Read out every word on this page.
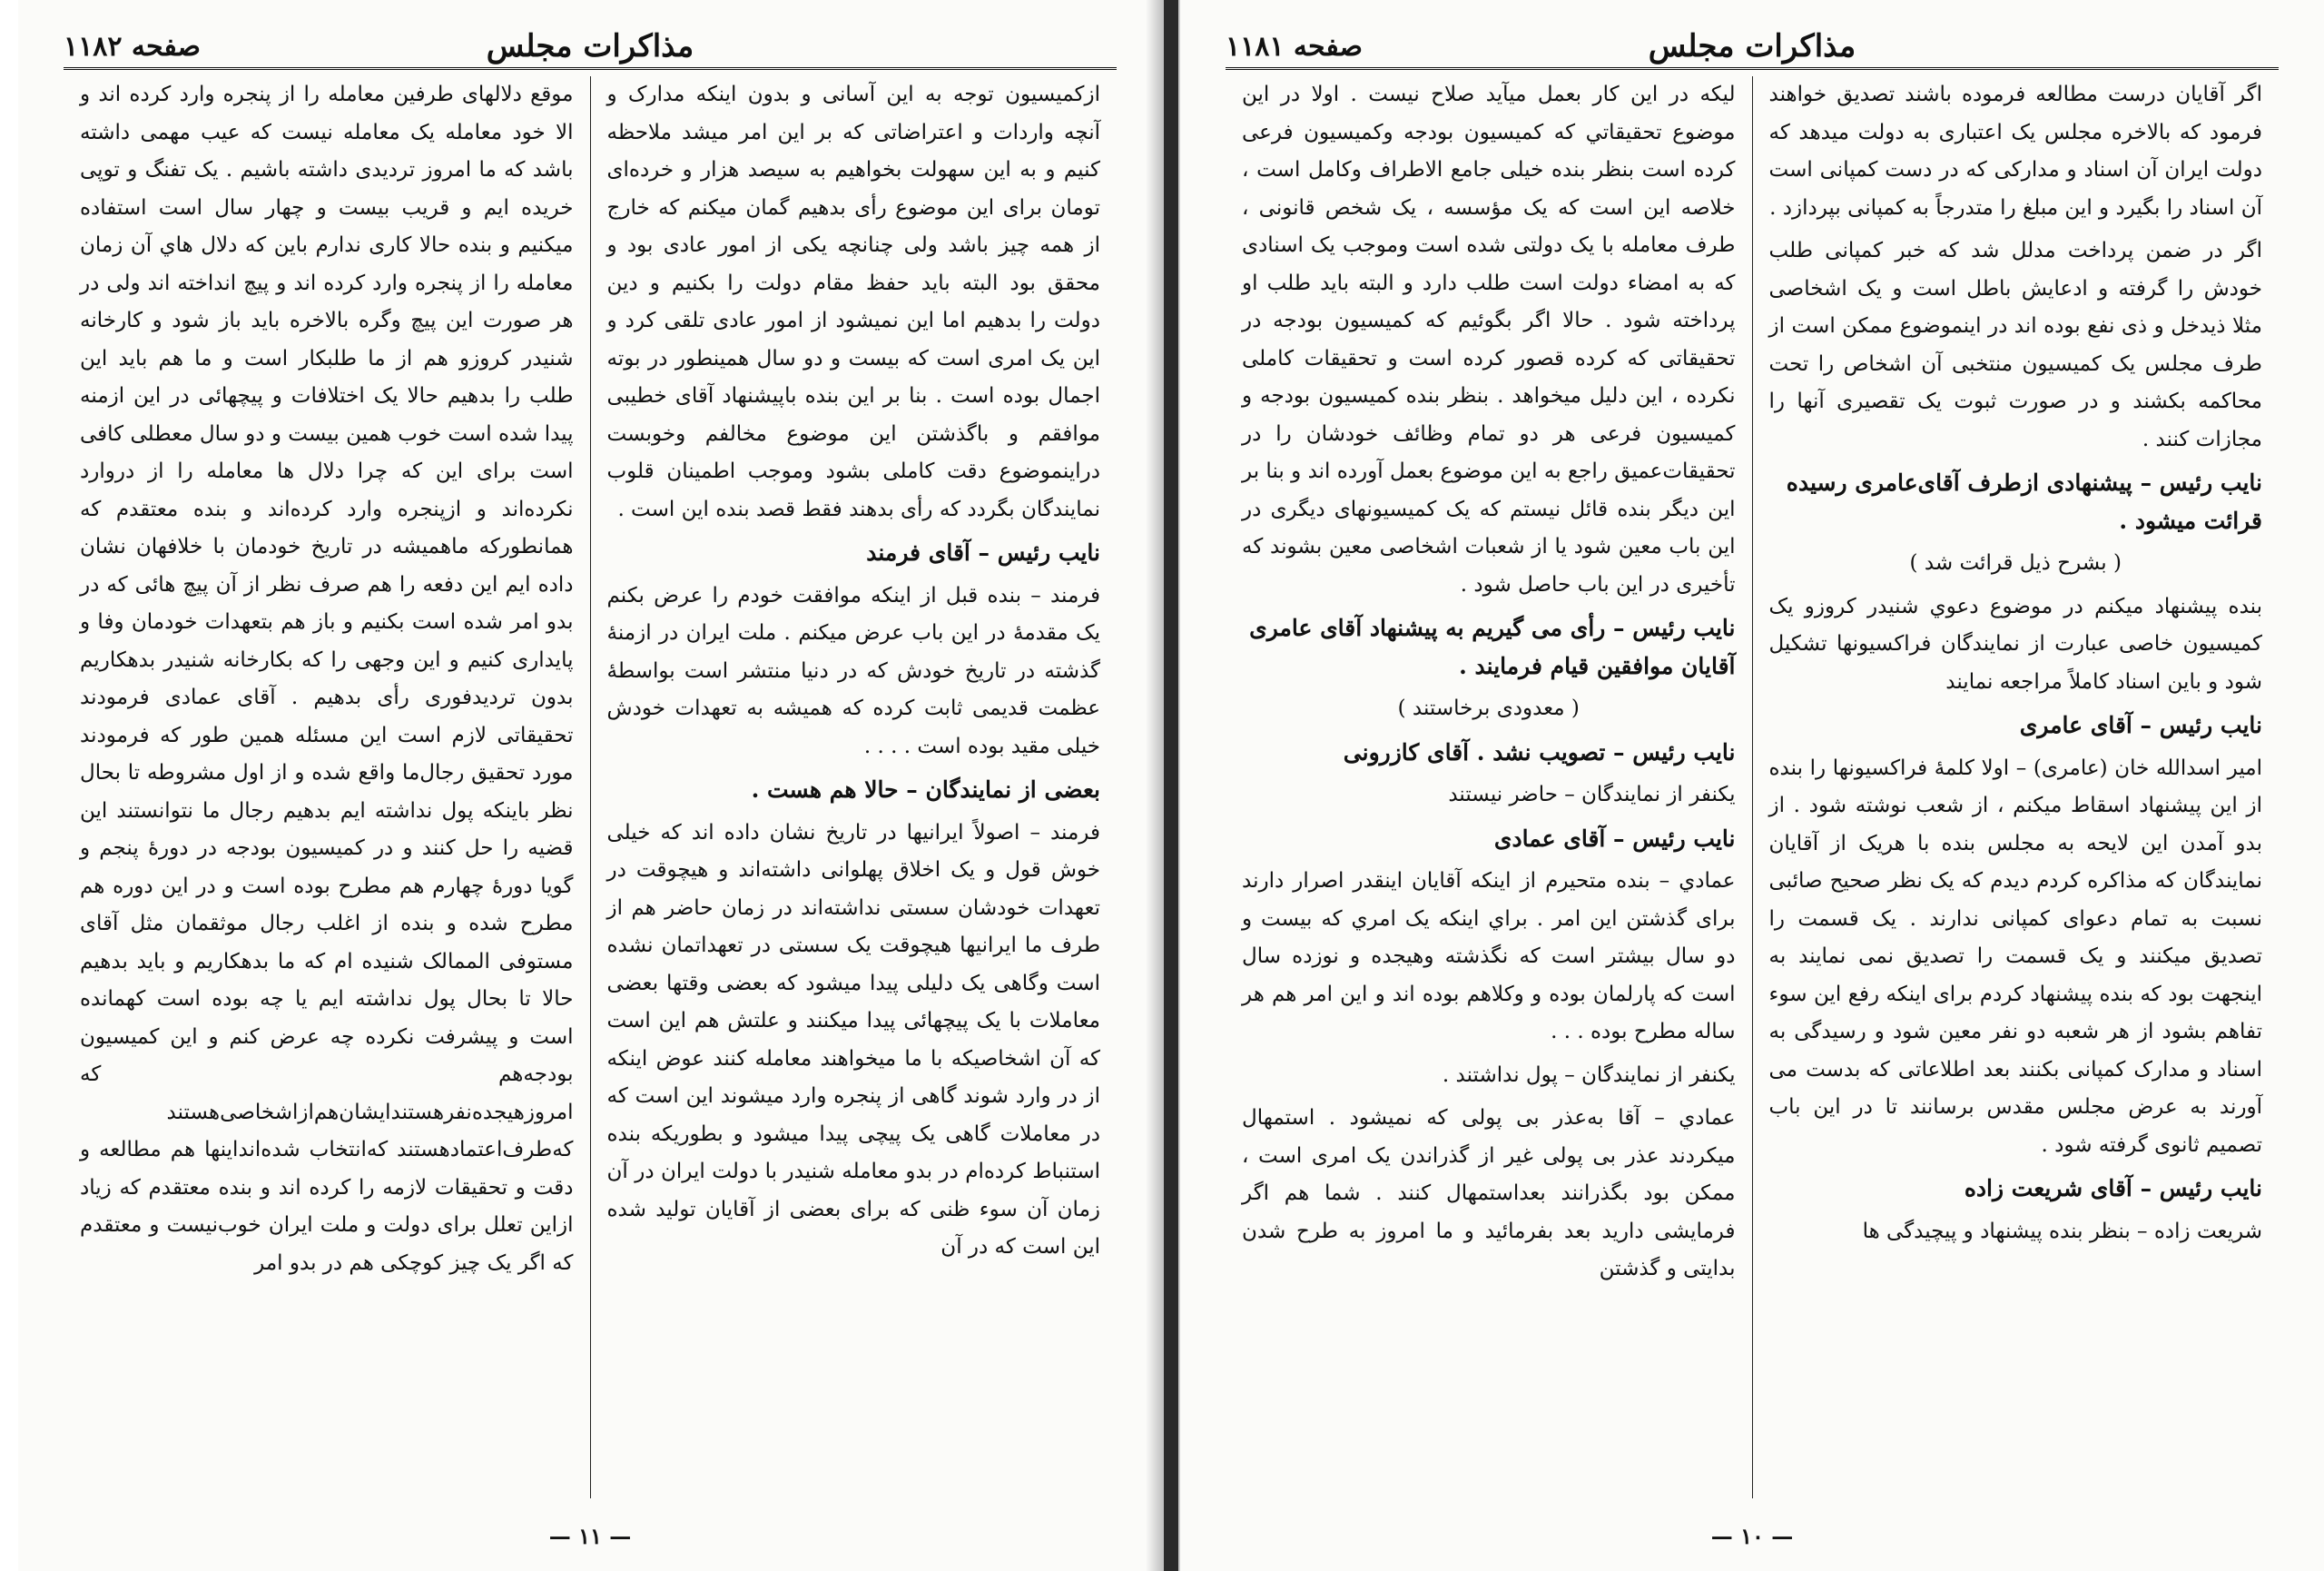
مذاکرات مجلس
صفحه ۱۱۸۲

ازکمیسیون توجه به این آسانی و بدون اینکه مدارک و آنچه واردات و اعتراضاتی که بر این امر میشد ملاحظه کنیم و به این سهولت بخواهیم به سیصد هزار و خرده‌ای تومان برای این موضوع رأی بدهیم گمان میکنم که خارج از همه چیز باشد ولی چنانچه یکی از امور عادی بود و محقق بود البته باید حفظ مقام دولت را بکنیم و دین دولت را بدهیم اما این نمیشود از امور عادی تلقی کرد و این یک امری است که بیست و دو سال همینطور در بوته اجمال بوده است . بنا بر این بنده باپیشنهاد آقای خطیبی موافقم و باگذشتن این موضوع مخالفم وخوبست دراینموضوع دقت کاملی بشود وموجب اطمینان قلوب نمایندگان بگردد که رأی بدهند فقط قصد بنده این است .

نایب رئیس – آقای فرمند

فرمند – بنده قبل از اینکه موافقت خودم را عرض بکنم یک مقدمهٔ در این باب عرض میکنم . ملت ایران در ازمنهٔ گذشته در تاریخ خودش که در دنیا منتشر است بواسطهٔ عظمت قدیمی ثابت کرده که همیشه به تعهدات خودش خیلی مقید بوده است . . . .

بعضی از نمایندگان – حالا هم هست .

فرمند – اصولاً ایرانیها در تاریخ نشان داده اند که خیلی خوش قول و یک اخلاق پهلوانی داشته‌اند و هیچوقت در تعهدات خودشان سستی نداشته‌اند در زمان حاضر هم از طرف ما ایرانیها هیچوقت یک سستی در تعهداتمان نشده است وگاهی یک دلیلی پیدا میشود که بعضی وقتها بعضی معاملات با یک پیچهائی پیدا میکنند و علتش هم این است که آن اشخاصیکه با ما میخواهند معامله کنند عوض اینکه از در وارد شوند گاهی از پنجره وارد میشوند این است که در معاملات گاهی یک پیچی پیدا میشود و بطوریکه بنده استنباط کرده‌ام در بدو معامله شنیدر با دولت ایران در آن زمان آن سوء ظنی که برای بعضی از آقایان تولید شده این است که در آن

موقع دلالهای طرفین معامله را از پنجره وارد کرده اند و الا خود معامله یک معامله نیست که عیب مهمی داشته باشد که ما امروز تردیدی داشته باشیم . یک تفنگ و توپی خریده ایم و قریب بیست و چهار سال است استفاده میکنیم و بنده حالا کاری ندارم باین که دلال هاي آن زمان معامله را از پنجره وارد کرده اند و پیچ انداخته اند ولی در هر صورت این پیچ وگره بالاخره باید باز شود و کارخانه شنیدر کروزو هم از ما طلبکار است و ما هم باید این طلب را بدهیم حالا یک اختلافات و پیچهائی در این ازمنه پیدا شده است خوب همین بیست و دو سال معطلی کافی است برای این که چرا دلال ها معامله را از دروارد نکرده‌اند و ازپنجره وارد کرده‌اند و بنده معتقدم که همانطورکه ماهمیشه در تاریخ خودمان با خلافهان نشان داده ایم این دفعه را هم صرف نظر از آن پیچ هائی که در بدو امر شده است بکنیم و باز هم بتعهدات خودمان وفا و پایداری کنیم و این وجهی را که بکارخانه شنیدر بدهکاریم بدون تردیدفوری رأی بدهیم . آقای عمادی فرمودند تحقیقاتی لازم است این مسئله همین طور که فرمودند مورد تحقیق رجال‌ما واقع شده و از اول مشروطه تا بحال نظر باینکه پول نداشته ایم بدهیم رجال ما نتوانستند این قضیه را حل کنند و در کمیسیون بودجه در دورهٔ پنجم و گویا دورهٔ چهارم هم مطرح بوده است و در این دوره هم مطرح شده و بنده از اغلب رجال موثقمان مثل آقای مستوفی الممالک شنیده ام که ما بدهکاریم و باید بدهیم حالا تا بحال پول نداشته ایم یا چه بوده است کهمانده است و پیشرفت نکرده چه عرض کنم و این کمیسیون بودجه‌هم که امروزهیجده‌نفرهستند‌ایشان‌هم‌ازاشخاصی‌هستند که‌طرف‌اعتمادهستند که‌انتخاب شده‌اند‌اینها هم مطالعه و دقت و تحقیقات لازمه را کرده اند و بنده معتقدم که زیاد ازاین تعلل برای دولت و ملت ایران خوب‌نیست و معتقدم که اگر یک چیز کوچکی هم در بدو امر

— ۱۱ —
مذاکرات مجلس
صفحه ۱۱۸۱

اگر آقایان درست مطالعه فرموده باشند تصدیق خواهند فرمود که بالاخره مجلس یک اعتباری به دولت میدهد که دولت ایران آن اسناد و مدارکی که در دست کمپانی است آن اسناد را بگیرد و این مبلغ را متدرجاً به کمپانی بپردازد .

اگر در ضمن پرداخت مدلل شد که خبر کمپانی طلب خودش را گرفته و ادعایش باطل است و یک اشخاصی مثلا ذیدخل و ذی نفع بوده اند در اینموضوع ممکن است از طرف مجلس یک کمیسیون منتخبی آن اشخاص را تحت محاکمه بکشند و در صورت ثبوت یک تقصیری آنها را مجازات کنند .

نایب رئیس – پیشنهادی ازطرف آقای‌عامری رسیده قرائت میشود .

( بشرح ذیل قرائت شد )

بنده پیشنهاد میکنم در موضوع دعوي شنیدر کروزو یک کمیسیون خاصی عبارت از نمایندگان فراکسیونها تشکیل شود و باین اسناد کاملاً مراجعه نمایند

نایب رئیس – آقای عامری

امیر اسدالله خان (عامری) – اولا کلمهٔ فراکسیونها را بنده از این پیشنهاد اسقاط میکنم ، از شعب نوشته شود . از بدو آمدن این لایحه به مجلس بنده با هریک از آقایان نمایندگان که مذاکره کردم دیدم که یک نظر صحیح صائبی نسبت به تمام دعوای کمپانی ندارند . یک قسمت را تصدیق میکنند و یک قسمت را تصدیق نمی نمایند به اینجهت بود که بنده پیشنهاد کردم برای اینکه رفع این سوء تفاهم بشود از هر شعبه دو نفر معین شود و رسیدگی به اسناد و مدارک کمپانی بکنند بعد اطلاعاتی که بدست می آورند به عرض مجلس مقدس برسانند تا در این باب تصمیم ثانوی گرفته شود .

نایب رئیس – آقای شریعت زاده

شریعت زاده – بنظر بنده پیشنهاد و پیچیدگی ها

لیکه در این کار بعمل میآید صلاح نیست . اولا در این موضوع تحقیقاتي که کمیسیون بودجه وکمیسیون فرعی کرده است بنظر بنده خیلی جامع الاطراف وکامل است ، خلاصه این است که یک مؤسسه ، یک شخص قانونی ، طرف معامله با یک دولتی شده است وموجب یک اسنادی که به امضاء دولت است طلب دارد و البته باید طلب او پرداخته شود . حالا اگر بگوئیم که کمیسیون بودجه در تحقیقاتی که کرده قصور کرده است و تحقیقات کاملی نکرده ، این دلیل میخواهد . بنظر بنده کمیسیون بودجه و کمیسیون فرعی هر دو تمام وظائف خودشان را در تحقیقات‌عمیق راجع به این موضوع بعمل آورده اند و بنا بر این دیگر بنده قائل نیستم که یک کمیسیونهای دیگری در این باب معین شود یا از شعبات اشخاصی معین بشوند که تأخیری در این باب حاصل شود .

نایب رئیس – رأی می گیریم به پیشنهاد آقای عامری آقایان موافقین قیام فرمایند .

( معدودی برخاستند )

نایب رئیس – تصویب نشد . آقای کازرونی

یکنفر از نمایندگان – حاضر نیستند

نایب رئیس – آقای عمادی

عمادي – بنده متحیرم از اینکه آقایان اینقدر اصرار دارند برای گذشتن این امر . براي اینکه یک امري که بیست و دو سال بیشتر است که نگذشته وهیجده و نوزده سال است که پارلمان بوده و وکلاهم بوده اند و این امر هم هر ساله مطرح بوده . . .

یکنفر از نمایندگان – پول نداشتند .

عمادي – آقا به‌عذر بی پولی که نمیشود . استمهال میکردند عذر بی پولی غیر از گذراندن یک امری است ، ممکن بود بگذرانند بعد‌استمهال کنند . شما هم اگر فرمایشی دارید بعد بفرمائید و ما امروز به طرح شدن بدایتی و گذشتن

— ۱۰ —
